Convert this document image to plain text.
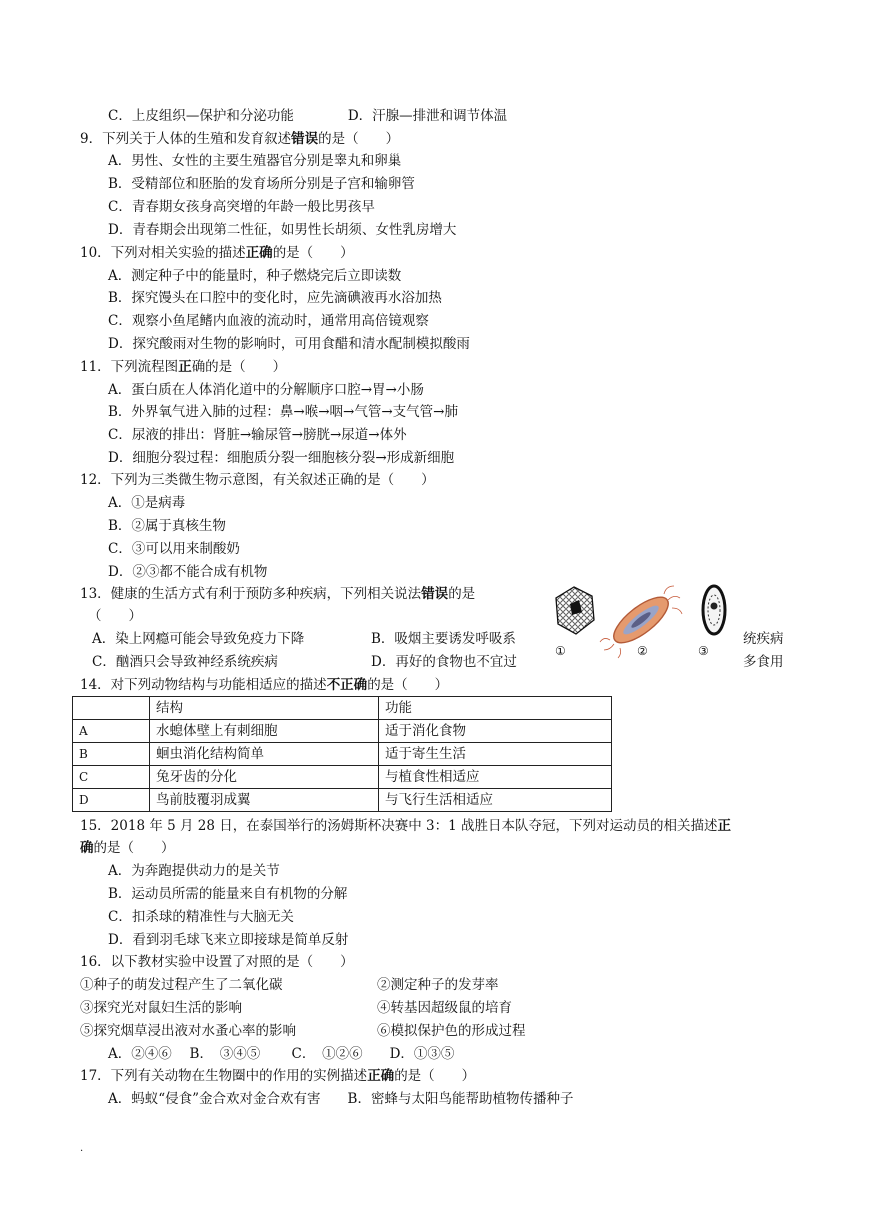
C．上皮组织—保护和分泌功能　　　　D．汗腺—排泄和调节体温
9．下列关于人体的生殖和发育叙述错误的是（　　）
A．男性、女性的主要生殖器官分别是睾丸和卵巢
B．受精部位和胚胎的发育场所分别是子宫和输卵管
C．青春期女孩身高突增的年龄一般比男孩早
D．青春期会出现第二性征，如男性长胡须、女性乳房增大
10．下列对相关实验的描述正确的是（　　）
A．测定种子中的能量时，种子燃烧完后立即读数
B．探究馒头在口腔中的变化时，应先滴碘液再水浴加热
C．观察小鱼尾鳍内血液的流动时，通常用高倍镜观察
D．探究酸雨对生物的影响时，可用食醋和清水配制模拟酸雨
11．下列流程图正确的是（　　）
A．蛋白质在人体消化道中的分解顺序口腔→胃→小肠
B．外界氧气进入肺的过程：鼻→喉→咽→气管→支气管→肺
C．尿液的排出：肾脏→输尿管→膀胱→尿道→体外
D．细胞分裂过程：细胞质分裂一细胞核分裂→形成新细胞
12．下列为三类微生物示意图，有关叙述正确的是（　　）
A．①是病毒
B．②属于真核生物
C．③可以用来制酸奶
D．②③都不能合成有机物
①	②	③
13．健康的生活方式有利于预防多种疾病，下列相关说法错误的是
（　　）
A．染上网瘾可能会导致免疫力下降	B．吸烟主要诱发呼吸系	统疾病
C．酗酒只会导致神经系统疾病	D．再好的食物也不宜过	多食用
14．对下列动物结构与功能相适应的描述不正确的是（　　）
	结构	功能
A	水螅体壁上有刺细胞	适于消化食物
B	蛔虫消化结构简单	适于寄生生活
C	兔牙齿的分化	与植食性相适应
D	鸟前肢覆羽成翼	与飞行生活相适应
15．2018 年 5 月 28 日，在泰国举行的汤姆斯杯决赛中 3：1 战胜日本队夺冠，下列对运动员的相关描述正
确的是（　　）
A．为奔跑提供动力的是关节
B．运动员所需的能量来自有机物的分解
C．扣杀球的精准性与大脑无关
D．看到羽毛球飞来立即接球是简单反射
16．以下教材实验中设置了对照的是（　　）
①种子的萌发过程产生了二氧化碳	②测定种子的发芽率
③探究光对鼠妇生活的影响	④转基因超级鼠的培育
⑤探究烟草浸出液对水蚤心率的影响	⑥模拟保护色的形成过程
A．②④⑥　 B．　③④⑤　　 C．　①②⑥　　D．①③⑤
17．下列有关动物在生物圈中的作用的实例描述正确的是（　　）
A．蚂蚁“侵食”金合欢对金合欢有害　　B．密蜂与太阳鸟能帮助植物传播种子
.
